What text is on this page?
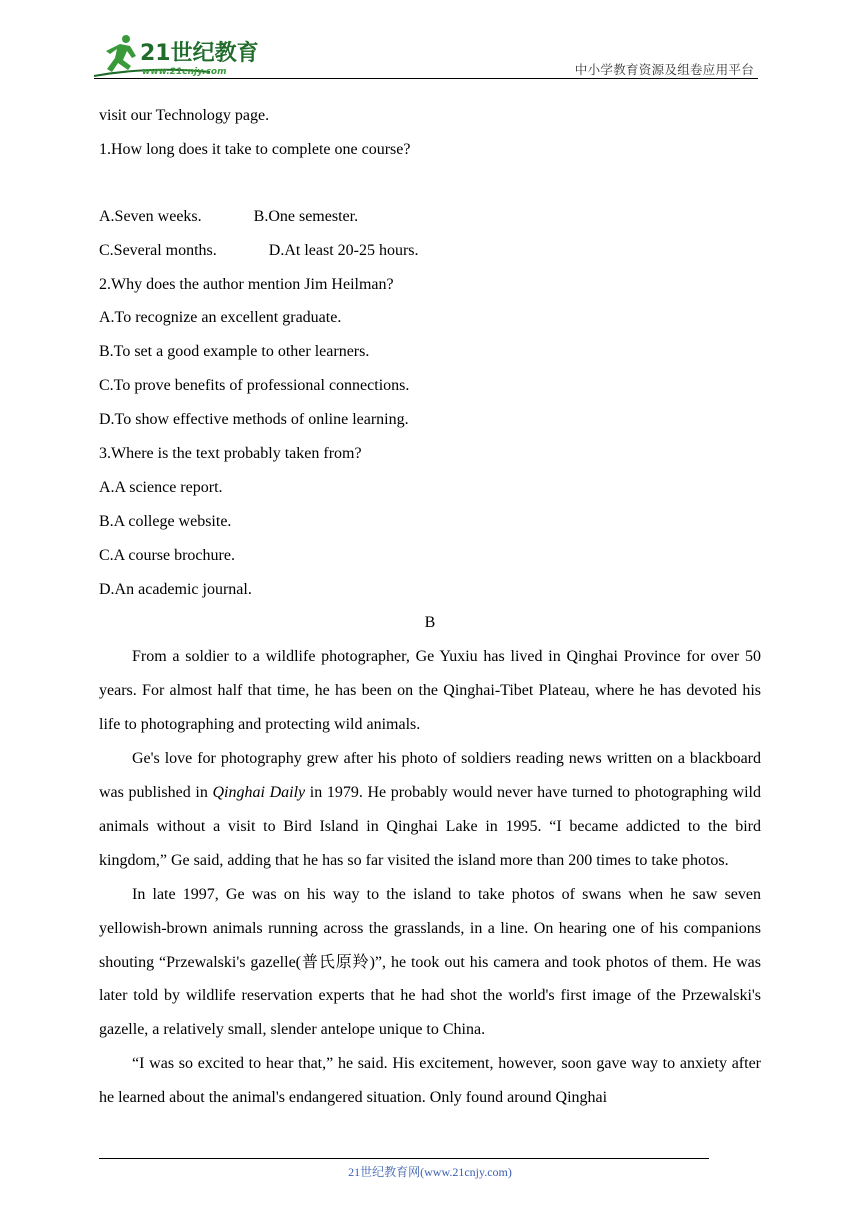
21世纪教育
www.21cnjy.com	中小学教育资源及组卷应用平台
visit our Technology page.
1.How long does it take to complete one course?
A.Seven weeks.	B.One semester.
C.Several months.	D.At least 20-25 hours.
2.Why does the author mention Jim Heilman?
A.To recognize an excellent graduate.
B.To set a good example to other learners.
C.To prove benefits of professional connections.
D.To show effective methods of online learning.
3.Where is the text probably taken from?
A.A science report.
B.A college website.
C.A course brochure.
D.An academic journal.
B
From a soldier to a wildlife photographer, Ge Yuxiu has lived in Qinghai Province for over 50 years. For almost half that time, he has been on the Qinghai-Tibet Plateau, where he has devoted his life to photographing and protecting wild animals.
Ge's love for photography grew after his photo of soldiers reading news written on a blackboard was published in Qinghai Daily in 1979. He probably would never have turned to photographing wild animals without a visit to Bird Island in Qinghai Lake in 1995. “I became addicted to the bird kingdom,” Ge said, adding that he has so far visited the island more than 200 times to take photos.
In late 1997, Ge was on his way to the island to take photos of swans when he saw seven yellowish-brown animals running across the grasslands, in a line. On hearing one of his companions shouting “Przewalski's gazelle(普氏原羚)”, he took out his camera and took photos of them. He was later told by wildlife reservation experts that he had shot the world's first image of the Przewalski's gazelle, a relatively small, slender antelope unique to China.
“I was so excited to hear that,” he said. His excitement, however, soon gave way to anxiety after he learned about the animal's endangered situation. Only found around Qinghai
21世纪教育网(www.21cnjy.com)
